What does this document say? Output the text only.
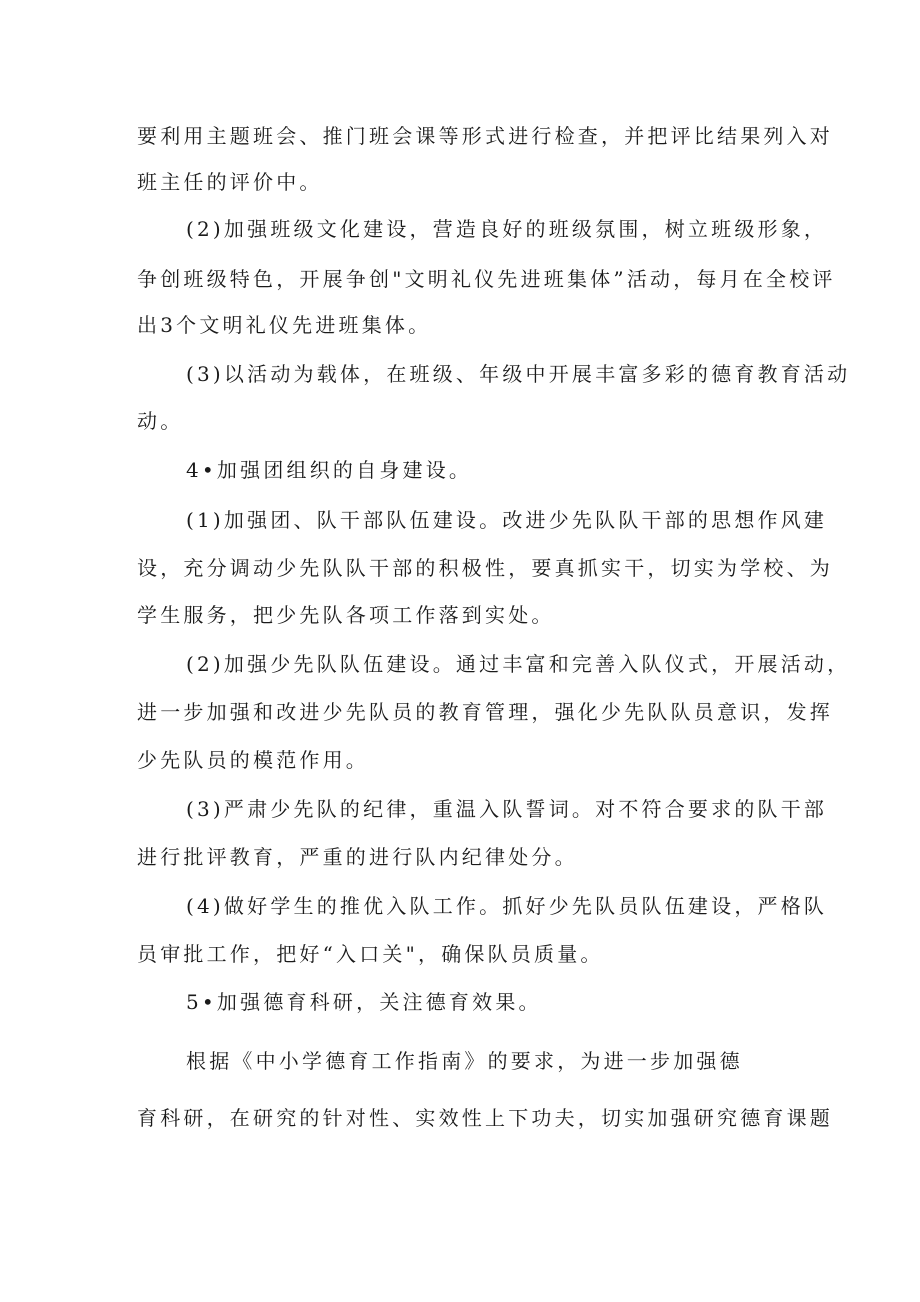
要利用主题班会、推门班会课等形式进行检查，并把评比结果列入对

班主任的评价中。

(2)加强班级文化建设，营造良好的班级氛围，树立班级形象，

争创班级特色，开展争创"文明礼仪先进班集体”活动，每月在全校评

出3个文明礼仪先进班集体。

(3)以活动为载体，在班级、年级中开展丰富多彩的德育教育活动

动。

4•加强团组织的自身建设。

(1)加强团、队干部队伍建设。改进少先队队干部的思想作风建

设，充分调动少先队队干部的积极性，要真抓实干，切实为学校、为

学生服务，把少先队各项工作落到实处。

(2)加强少先队队伍建设。通过丰富和完善入队仪式，开展活动，

进一步加强和改进少先队员的教育管理，强化少先队队员意识，发挥

少先队员的模范作用。

(3)严肃少先队的纪律，重温入队誓词。对不符合要求的队干部

进行批评教育，严重的进行队内纪律处分。

(4)做好学生的推优入队工作。抓好少先队员队伍建设，严格队

员审批工作，把好“入口关"，确保队员质量。

5•加强德育科研，关注德育效果。

根据《中小学德育工作指南》的要求，为进一步加强德

育科研，在研究的针对性、实效性上下功夫，切实加强研究德育课题
